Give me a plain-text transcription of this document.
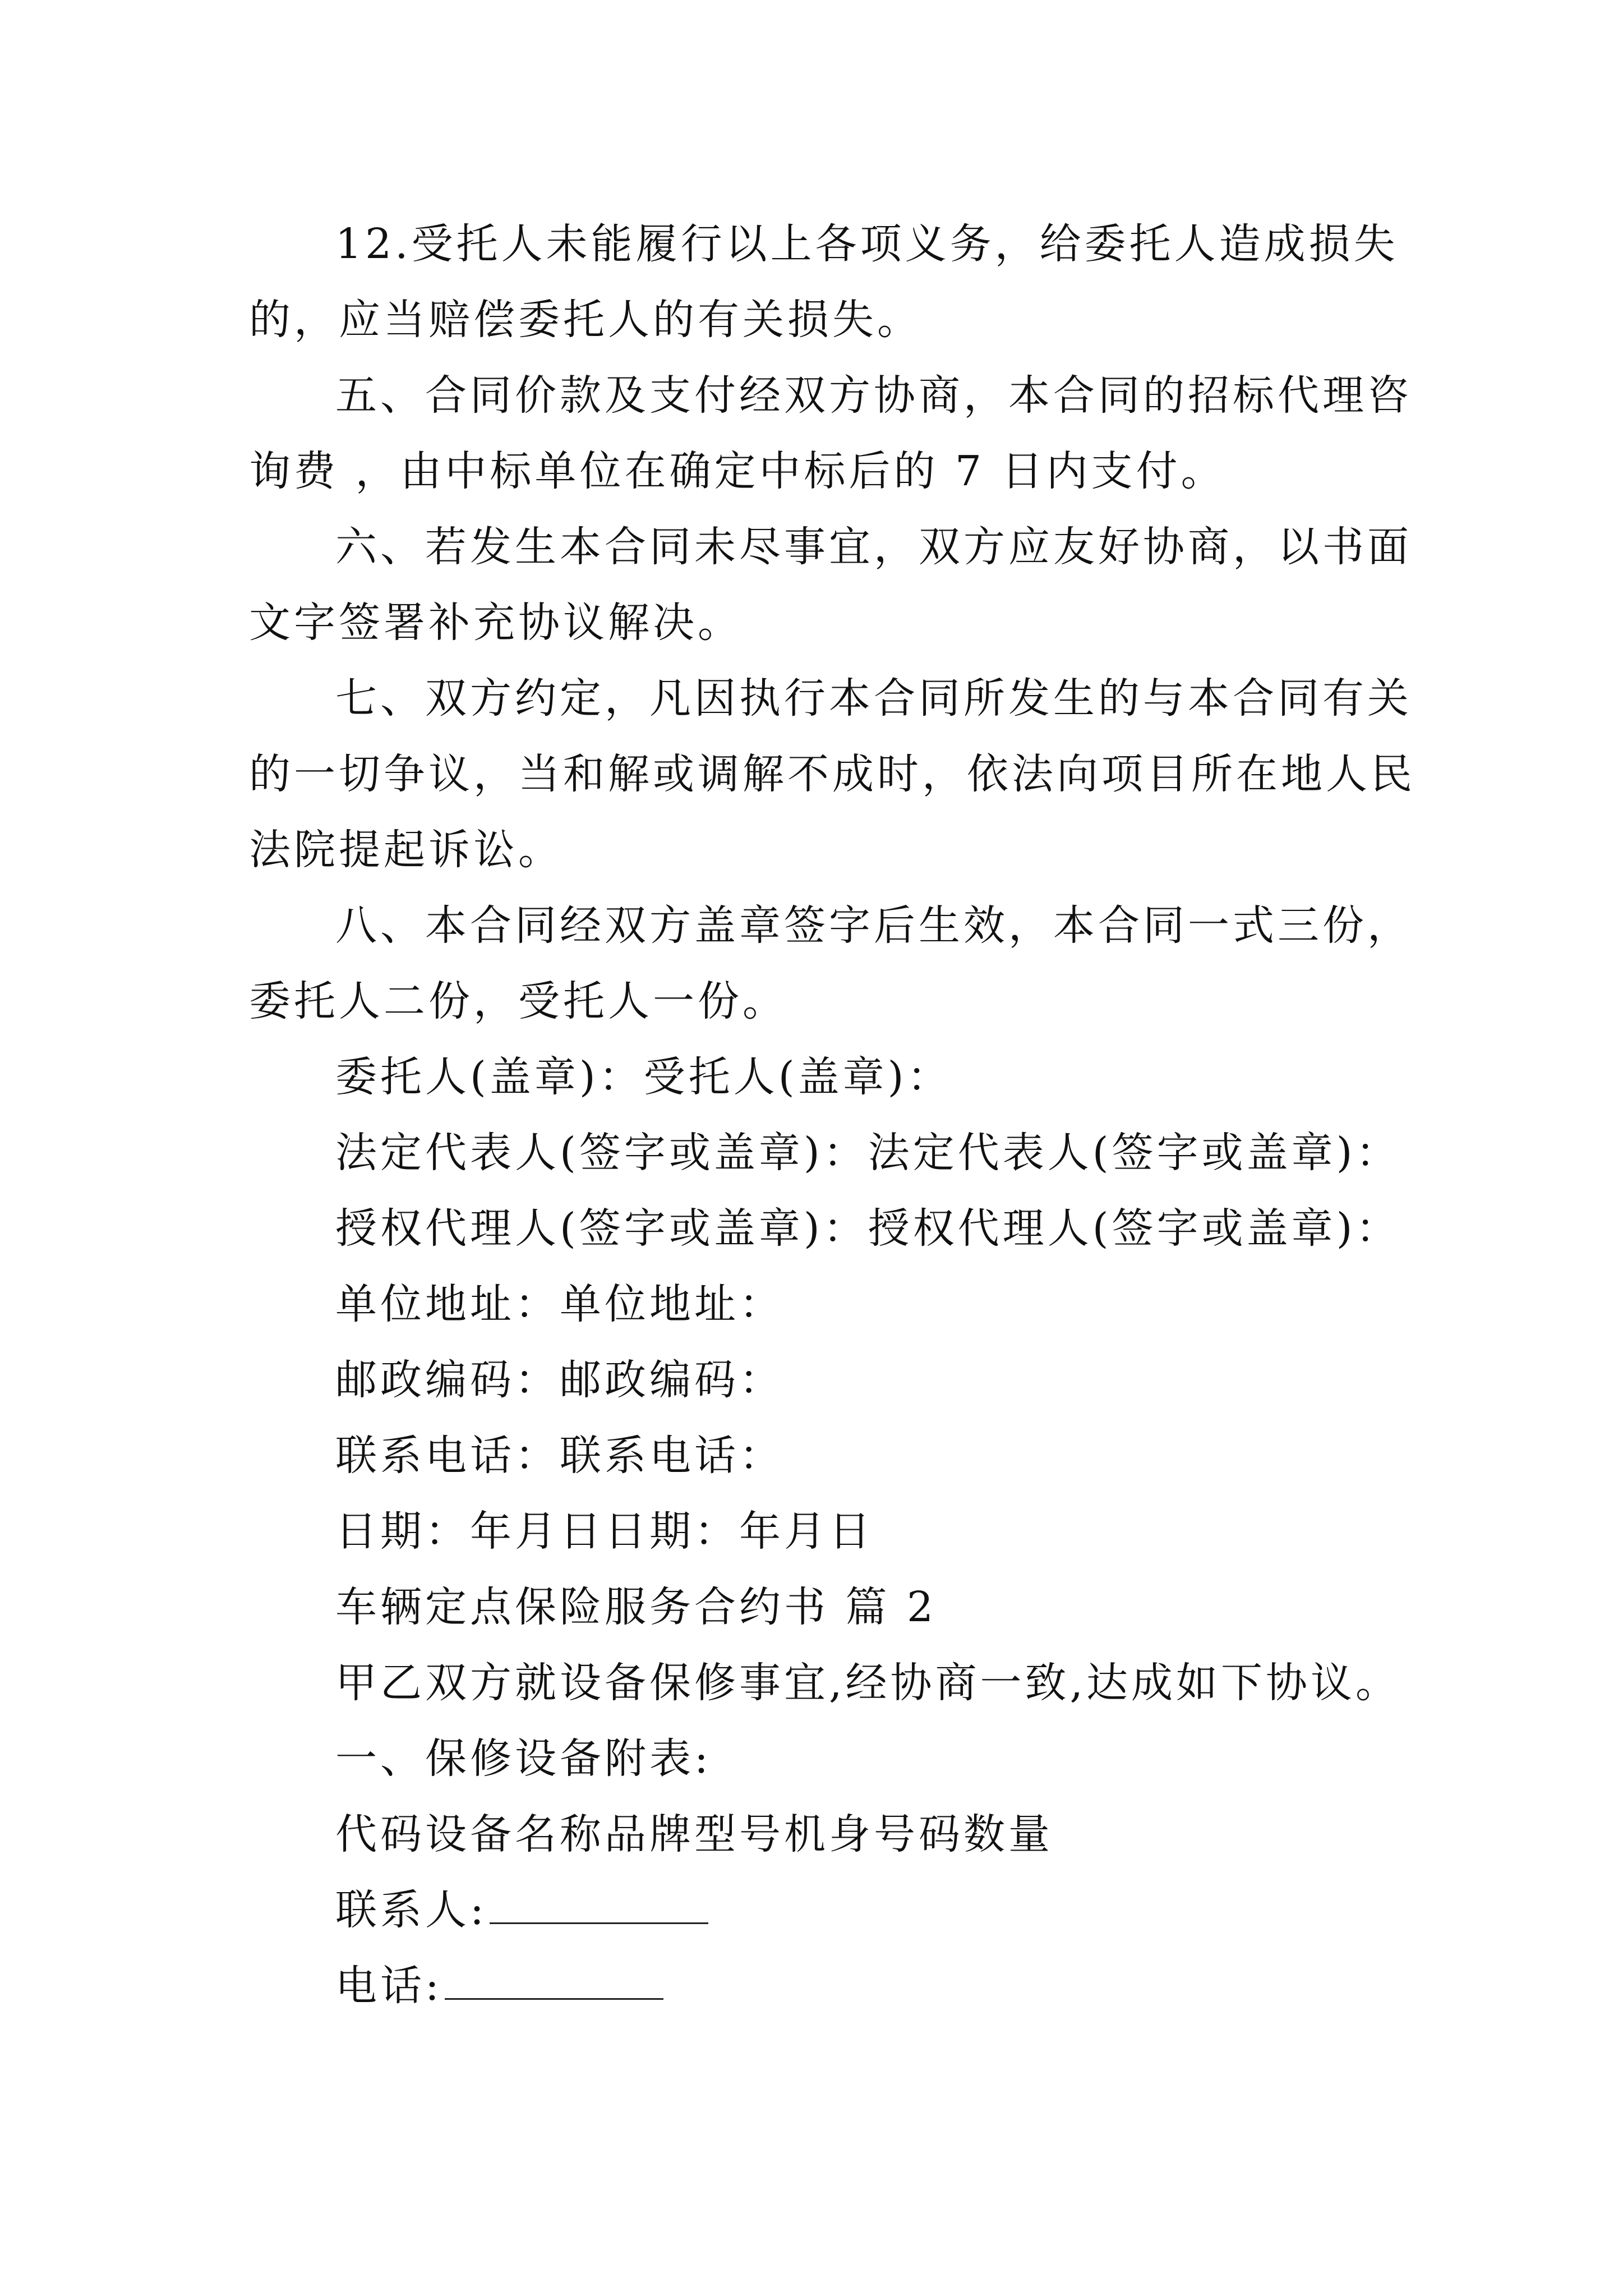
12.受托人未能履行以上各项义务，给委托人造成损失
的，应当赔偿委托人的有关损失。
五、合同价款及支付经双方协商，本合同的招标代理咨
询费 ，由中标单位在确定中标后的 7 日内支付。
六、若发生本合同未尽事宜，双方应友好协商，以书面
文字签署补充协议解决。
七、双方约定，凡因执行本合同所发生的与本合同有关
的一切争议，当和解或调解不成时，依法向项目所在地人民
法院提起诉讼。
八、本合同经双方盖章签字后生效，本合同一式三份，
委托人二份，受托人一份。
委托人(盖章)：受托人(盖章)：
法定代表人(签字或盖章)：法定代表人(签字或盖章)：
授权代理人(签字或盖章)：授权代理人(签字或盖章)：
单位地址：单位地址：
邮政编码：邮政编码：
联系电话：联系电话：
日期：年月日日期：年月日
车辆定点保险服务合约书 篇 2
甲乙双方就设备保修事宜,经协商一致,达成如下协议。
一、保修设备附表:
代码设备名称品牌型号机身号码数量
联系人:
电话:
